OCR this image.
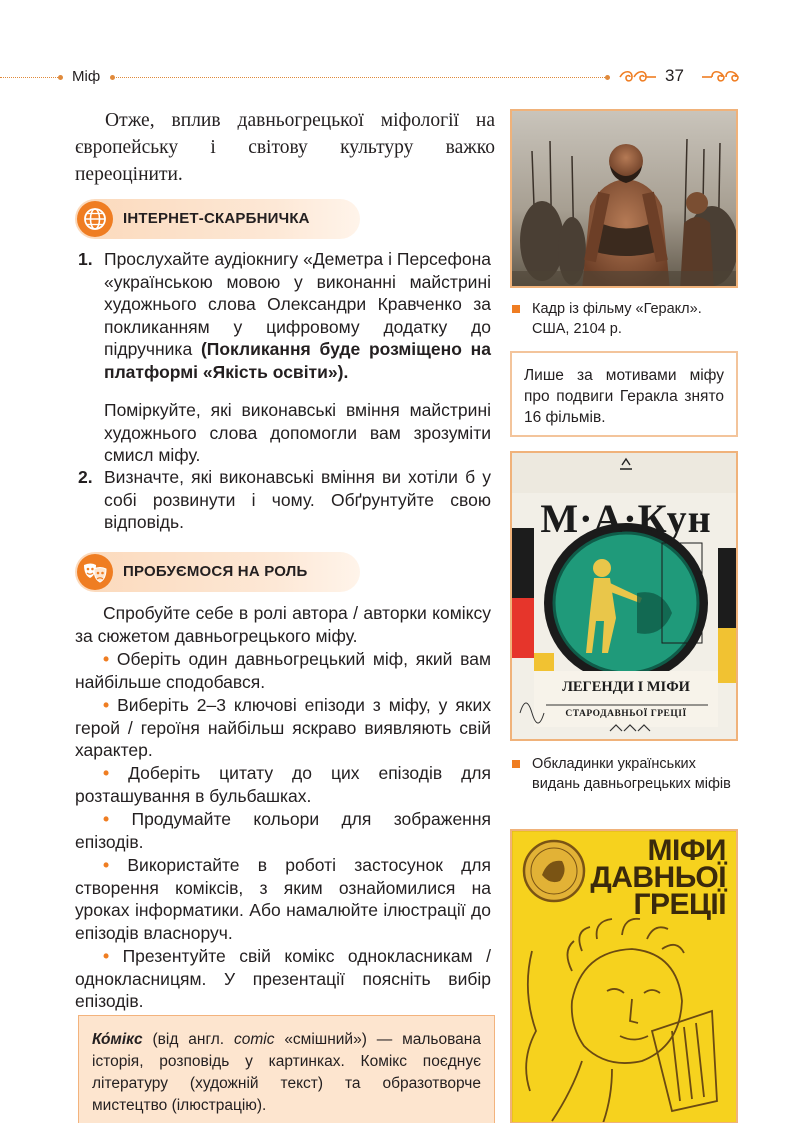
Міф	37

Отже, вплив давньогрецької міфології на європейську і світову культуру важко переоцінити.

ІНТЕРНЕТ-СКАРБНИЧКА
1. Прослухайте аудіокнигу «Деметра і Персефона «українською мовою у виконанні майстрині художнього слова Олександри Кравченко за покликанням у цифровому додатку до підручника (Покликання буде розміщено на платформі «Якість освіти»).
Поміркуйте, які виконавські вміння майстрині художнього слова допомогли вам зрозуміти смисл міфу.
2. Визначте, які виконавські вміння ви хотіли б у собі розвинути і чому. Обґрунтуйте свою відповідь.
ПРОБУЄМОСЯ НА РОЛЬ
Спробуйте себе в ролі автора / авторки коміксу за сюжетом давньогрецького міфу.
• Оберіть один давньогрецький міф, який вам найбільше сподобався.
• Виберіть 2–3 ключові епізоди з міфу, у яких герой / героїня найбільш яскраво виявляють свій характер.
• Доберіть цитату до цих епізодів для розташування в бульбашках.
• Продумайте кольори для зображення епізодів.
• Використайте в роботі застосунок для створення коміксів, з яким ознайомилися на уроках інформатики. Або намалюйте ілюстрації до епізодів власноруч.
• Презентуйте свій комікс однокласникам / однокласницям. У презентації поясніть вибір епізодів.
Ко́мікс (від англ. comic «смішний») — мальована історія, розповідь у картинках. Комікс поєднує літературу (художній текст) та образотворче мистецтво (ілюстрацію).
Кадр із фільму «Геракл». США, 2104 р.
Лише за мотивами міфу про подвиги Геракла знято 16 фільмів.
М·А·Кун
ЛЕГЕНДИ І МІФИ
СТАРОДАВНЬОЇ ГРЕЦІЇ
Обкладинки українських видань давньогрецьких міфів
МІФИ
ДАВНЬОЇ
ГРЕЦІЇ
